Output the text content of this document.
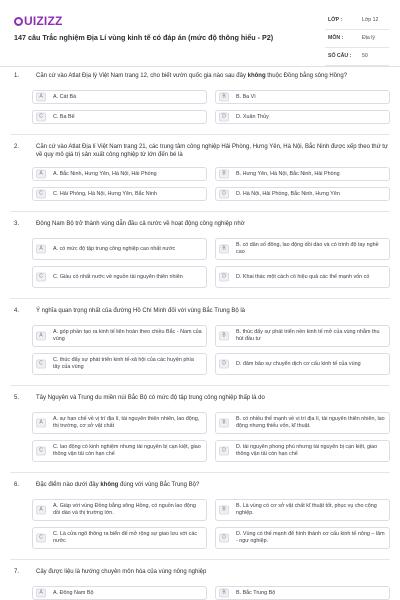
UIZIZZ
147 câu Trắc nghiệm Địa Lí vùng kinh tế có đáp án (mức độ thông hiểu - P2)
LỚP :	Lớp 12
MÔN :	Địa lý
SỐ CÂU : 50
1.	Căn cứ vào Atlat Địa lý Việt Nam trang 12, cho biết vườn quốc gia nào sau đây không thuộc Đồng bằng sông Hồng?
A	A. Cát Bà	B	B. Ba Vì
C	C. Ba Bể	D	D. Xuân Thủy
2.	Căn cứ vào Atlat Địa lí Việt Nam trang 21, các trung tâm công nghiệp Hải Phòng, Hưng Yên, Hà Nội, Bắc Ninh được xếp theo thứ tự về quy mô giá trị sản xuất công nghiệp từ lớn đến bé là
A	A. Bắc Ninh, Hưng Yên, Hà Nội, Hải Phòng	B	B. Hưng Yên, Hà Nội, Bắc Ninh, Hải Phòng
C	C. Hải Phòng, Hà Nội, Hưng Yên, Bắc Ninh	D	D. Hà Nội, Hải Phòng, Bắc Ninh, Hưng Yên
3.	Đông Nam Bộ trở thành vùng dẫn đầu cả nước về hoạt động công nghiệp nhờ
A	A. có mức độ tập trung công nghiệp cao nhất nước	B
B. có dân số đông, lao động dồi dào và có trình độ tay nghề cao
C	C. Giàu có nhất nước về nguồn tài nguyên thiên nhiên	D	D. Khai thác một cách có hiệu quả các thế mạnh vốn có
4.	Ý nghĩa quan trọng nhất của đường Hồ Chí Minh đối với vùng Bắc Trung Bộ là
A
A. góp phần tạo ra kinh tế liên hoàn theo chiều Bắc - Nam của vùng
B
B. thúc đẩy sự phát triển nền kinh tế mở của vùng nhằm thu hút đầu tư
C
C. thúc đẩy sự phát triển kinh tế-xã hội của các huyện phía tây của vùng
D	D. đảm bảo sự chuyển dịch cơ cấu kinh tế của vùng
5.	Tây Nguyên và Trung du miền núi Bắc Bộ có mức độ tập trung công nghiệp thấp là do
A
A. sự hạn chế về vị trí địa lí, tài nguyên thiên nhiên, lao động, thị trường, cơ sở vật chất
B
B. có nhiều thế mạnh về vị trí địa lí, tài nguyên thiên nhiên, lao động nhưng thiếu vốn, kĩ thuật.
C
C. lao động có kinh nghiệm nhưng tài nguyên bị cạn kiệt, giao thông vận tải còn hạn chế
D
D. tài nguyên phong phú nhưng tài nguyên bị cạn kiệt, giao thông vận tải còn hạn chế
6.	Đặc điểm nào dưới đây không đúng với vùng Bắc Trung Bộ?
A
A. Giáp với vùng Đồng bằng sông Hồng, có nguồn lao động dồi dào và thị trường lớn.
B
B. Là vùng có cơ sở vật chất kĩ thuật tốt, phục vụ cho công nghiệp.
C
C. Là cửa ngõ thông ra biển để mở rộng sự giao lưu với các nước
D
D. Vùng có thế mạnh để hình thành cơ cấu kinh tế nông – lâm - ngư nghiệp.
7.	Cây được liệu là hướng chuyên môn hóa của vùng nông nghiệp
A	A. Đông Nam Bộ	B	B. Bắc Trung Bộ
